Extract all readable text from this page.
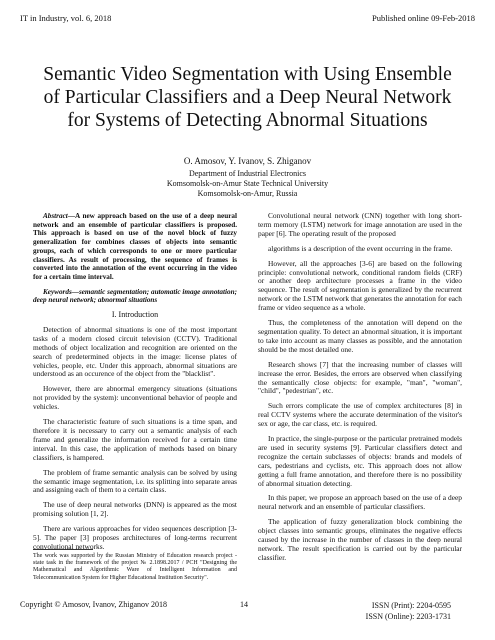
IT in Industry, vol. 6, 2018	Published online 09-Feb-2018
Semantic Video Segmentation with Using Ensemble of Particular Classifiers and a Deep Neural Network for Systems of Detecting Abnormal Situations
O. Amosov, Y. Ivanov, S. Zhiganov
Department of Industrial Electronics
Komsomolsk-on-Amur State Technical University
Komsomolsk-on-Amur, Russia

Abstract—A new approach based on the use of a deep neural network and an ensemble of particular classifiers is proposed. This approach is based on use of the novel block of fuzzy generalization for combines classes of objects into semantic groups, each of which corresponds to one or more particular classifiers. As result of processing, the sequence of frames is converted into the annotation of the event occurring in the video for a certain time interval.

Keywords—semantic segmentation; automatic image annotation; deep neural network; abnormal situations

I. Introduction

Detection of abnormal situations is one of the most important tasks of a modern closed circuit television (CCTV). Traditional methods of object localization and recognition are oriented on the search of predetermined objects in the image: license plates of vehicles, people, etc. Under this approach, abnormal situations are understood as an occurence of the object from the "blacklist".

However, there are abnormal emergency situations (situations not provided by the system): unconventional behavior of people and vehicles.

The characteristic feature of such situations is a time span, and therefore it is necessary to carry out a semantic analysis of each frame and generalize the information received for a certain time interval. In this case, the application of methods based on binary classifiers, is hampered.

The problem of frame semantic analysis can be solved by using the semantic image segmentation, i.e. its splitting into separate areas and assigning each of them to a certain class.

The use of deep neural networks (DNN) is appeared as the most promising solution [1, 2].

There are various approaches for video sequences description [3-5]. The paper [3] proposes architectures of long-terms recurrent convolutional networks.

The work was supported by the Russian Ministry of Education research project - state task in the framework of the project № 2.1898.2017 / PCH "Designing the Mathematical and Algorithmic Ware of Intelligent Information and Telecommunication System for Higher Educational Institution Security".

Convolutional neural network (CNN) together with long short-term memory (LSTM) network for image annotation are used in the paper [6]. The operating result of the proposed

algorithms is a description of the event occurring in the frame.

However, all the approaches [3-6] are based on the following principle: convolutional network, conditional random fields (CRF) or another deep architecture processes a frame in the video sequence. The result of segmentation is generalized by the recurrent network or the LSTM network that generates the annotation for each frame or video sequence as a whole.

Thus, the completeness of the annotation will depend on the segmentation quality. To detect an abnormal situation, it is important to take into account as many classes as possible, and the annotation should be the most detailed one.

Research shows [7] that the increasing number of classes will increase the error. Besides, the errors are observed when classifying the semantically close objects: for example, "man", "woman", "child", "pedestrian", etc.

Such errors complicate the use of complex architectures [8] in real CCTV systems where the accurate determination of the visitor's sex or age, the car class, etc. is required.

In practice, the single-purpose or the particular pretrained models are used in security systems [9]. Particular classifiers detect and recognize the certain subclasses of objects: brands and models of cars, pedestrians and cyclists, etc. This approach does not allow getting a full frame annotation, and therefore there is no possibility of abnormal situation detecting.

In this paper, we propose an approach based on the use of a deep neural network and an ensemble of particular classifiers.

The application of fuzzy generalization block combining the object classes into semantic groups, eliminates the negative effects caused by the increase in the number of classes in the deep neural network. The result specification is carried out by the particular classifier.

Copyright © Amosov, Ivanov, Zhiganov 2018	14	ISSN (Print): 2204-0595
ISSN (Online): 2203-1731
